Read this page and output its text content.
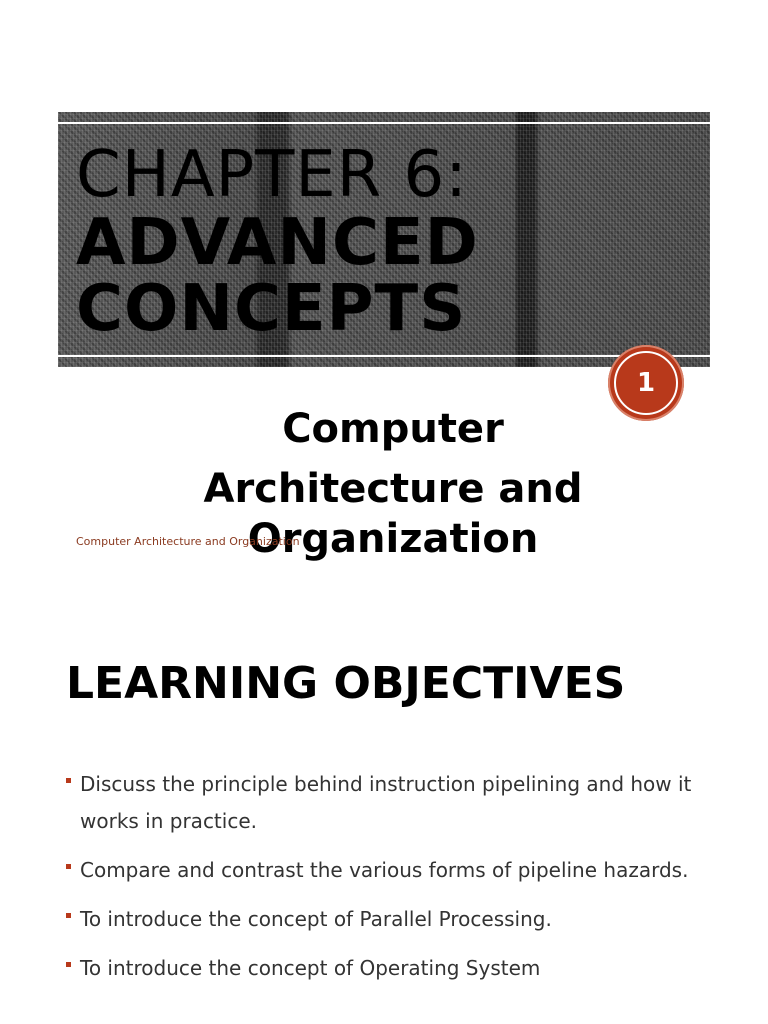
CHAPTER 6:
ADVANCED
CONCEPTS
1
Computer
Architecture and Organization
Computer Architecture and Organization
LEARNING OBJECTIVES
Discuss the principle behind instruction pipelining and how it works in practice.
Compare and contrast the various forms of pipeline hazards.
To introduce the concept of Parallel Processing.
To introduce the concept of Operating System
